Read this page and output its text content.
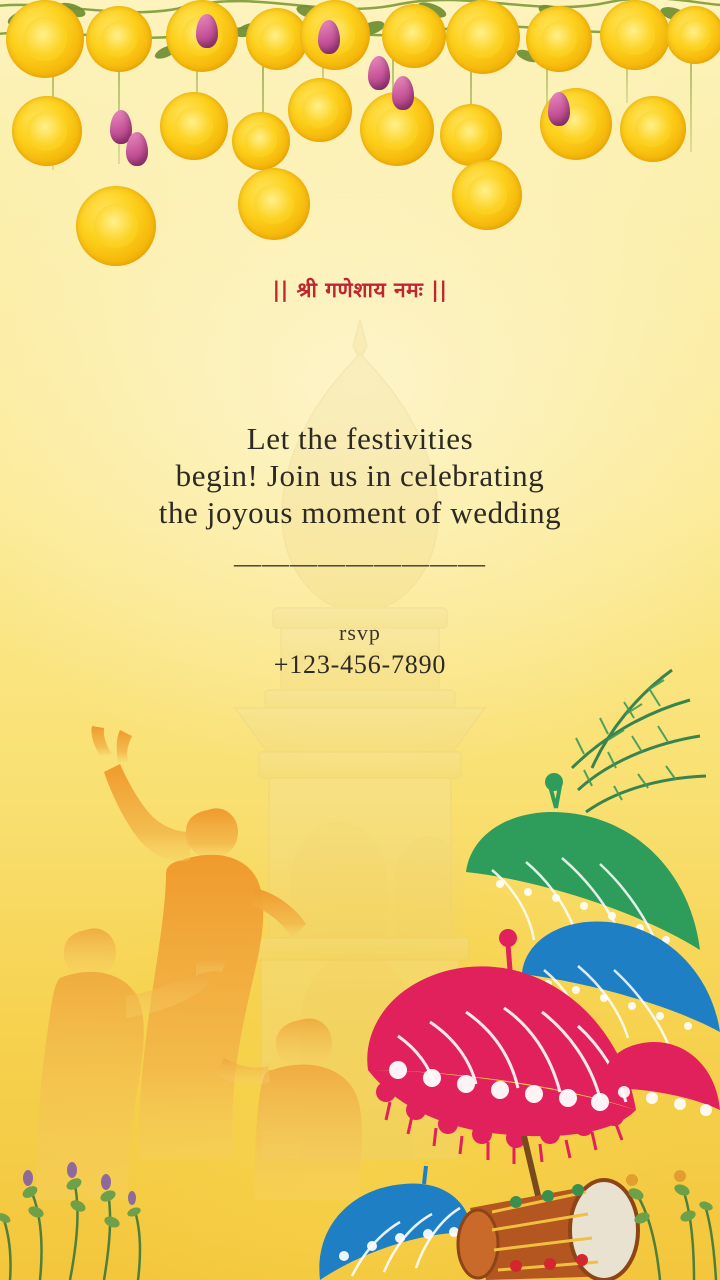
|| श्री गणेशाय नमः ||
Let the festivities
begin! Join us in celebrating
the joyous moment of wedding
—————————
rsvp
+123-456-7890
